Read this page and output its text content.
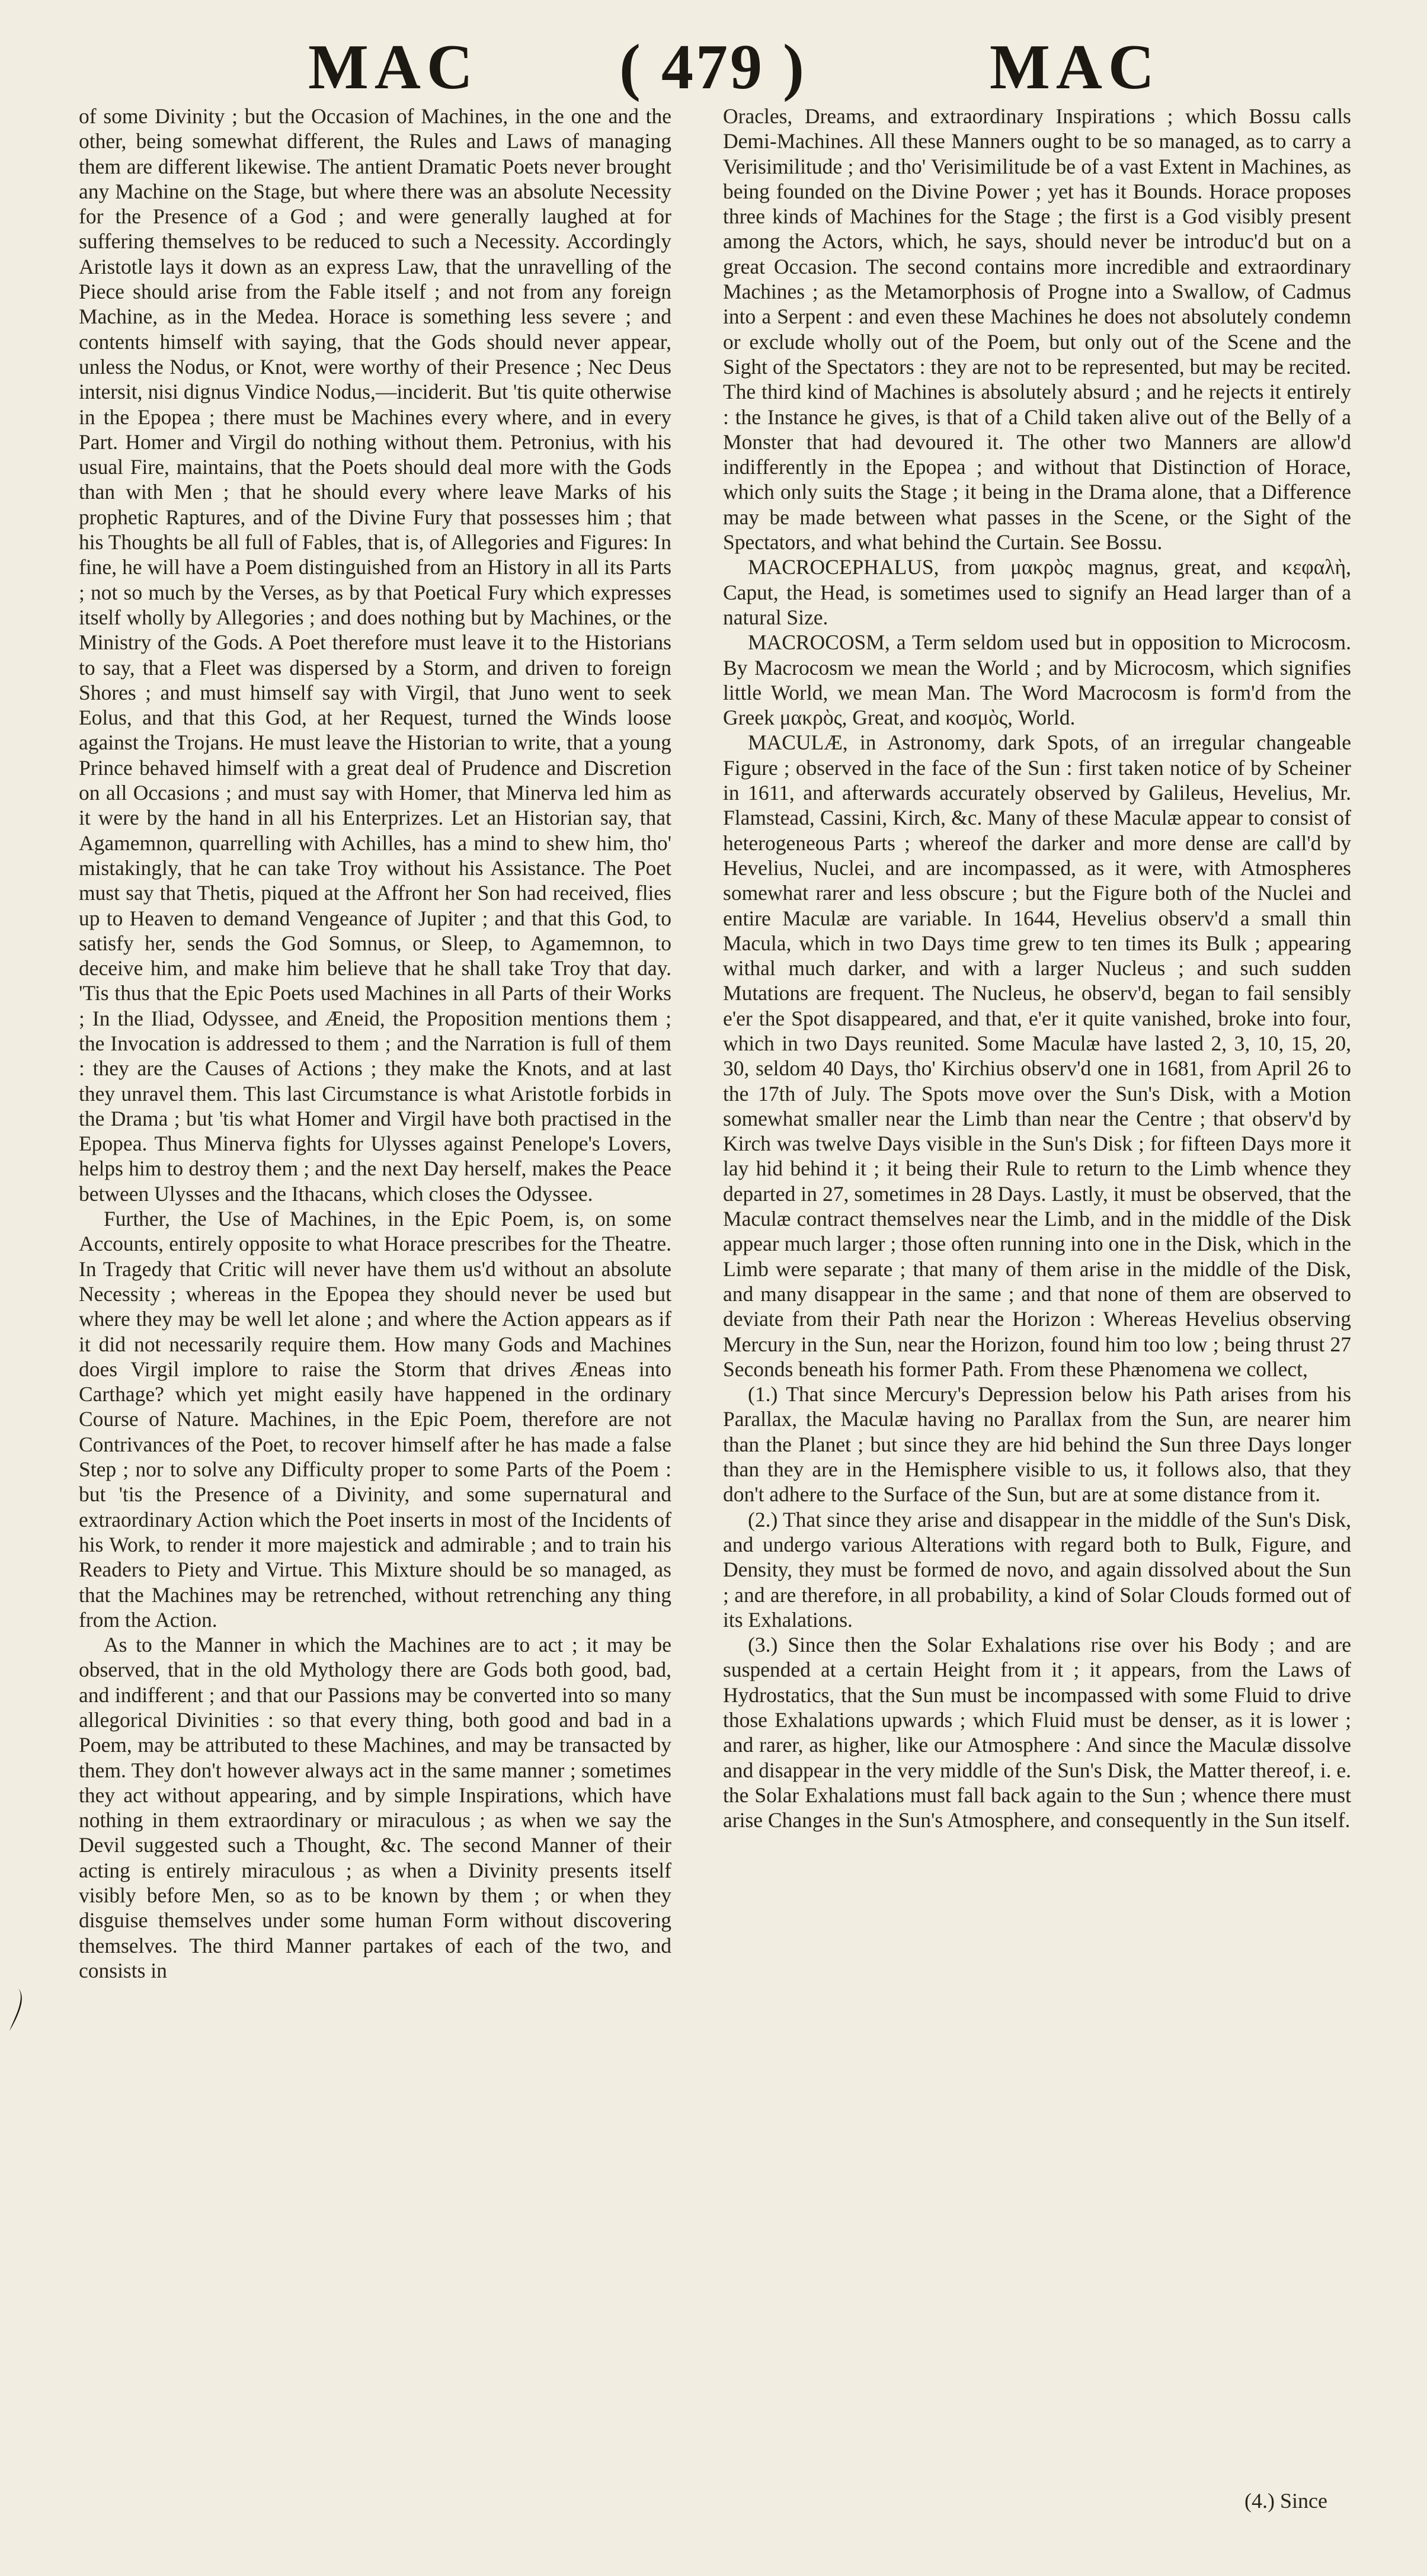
MAC ( 479 )	MAC

of some Divinity ; but the Occasion of Machines, in the one and the other, being somewhat different, the Rules and Laws of managing them are different likewise. The antient Dramatic Poets never brought any Machine on the Stage, but where there was an absolute Necessity for the Presence of a God ; and were generally laughed at for suffering themselves to be reduced to such a Necessity. Accordingly Aristotle lays it down as an express Law, that the unravelling of the Piece should arise from the Fable itself ; and not from any foreign Machine, as in the Medea. Horace is something less severe ; and contents himself with saying, that the Gods should never appear, unless the Nodus, or Knot, were worthy of their Presence ; Nec Deus intersit, nisi dignus Vindice Nodus,—inciderit. But 'tis quite otherwise in the Epopea ; there must be Machines every where, and in every Part. Homer and Virgil do nothing without them. Petronius, with his usual Fire, maintains, that the Poets should deal more with the Gods than with Men ; that he should every where leave Marks of his prophetic Raptures, and of the Divine Fury that possesses him ; that his Thoughts be all full of Fables, that is, of Allegories and Figures: In fine, he will have a Poem distinguished from an History in all its Parts ; not so much by the Verses, as by that Poetical Fury which expresses itself wholly by Allegories ; and does nothing but by Machines, or the Ministry of the Gods. A Poet therefore must leave it to the Historians to say, that a Fleet was dispersed by a Storm, and driven to foreign Shores ; and must himself say with Virgil, that Juno went to seek Eolus, and that this God, at her Request, turned the Winds loose against the Trojans. He must leave the Historian to write, that a young Prince behaved himself with a great deal of Prudence and Discretion on all Occasions ; and must say with Homer, that Minerva led him as it were by the hand in all his Enterprizes. Let an Historian say, that Agamemnon, quarrelling with Achilles, has a mind to shew him, tho' mistakingly, that he can take Troy without his Assistance. The Poet must say that Thetis, piqued at the Affront her Son had received, flies up to Heaven to demand Vengeance of Jupiter ; and that this God, to satisfy her, sends the God Somnus, or Sleep, to Agamemnon, to deceive him, and make him believe that he shall take Troy that day. 'Tis thus that the Epic Poets used Machines in all Parts of their Works ; In the Iliad, Odyssee, and Æneid, the Proposition mentions them ; the Invocation is addressed to them ; and the Narration is full of them : they are the Causes of Actions ; they make the Knots, and at last they unravel them. This last Circumstance is what Aristotle forbids in the Drama ; but 'tis what Homer and Virgil have both practised in the Epopea. Thus Minerva fights for Ulysses against Penelope's Lovers, helps him to destroy them ; and the next Day herself, makes the Peace between Ulysses and the Ithacans, which closes the Odyssee.

Further, the Use of Machines, in the Epic Poem, is, on some Accounts, entirely opposite to what Horace prescribes for the Theatre. In Tragedy that Critic will never have them us'd without an absolute Necessity ; whereas in the Epopea they should never be used but where they may be well let alone ; and where the Action appears as if it did not necessarily require them. How many Gods and Machines does Virgil implore to raise the Storm that drives Æneas into Carthage? which yet might easily have happened in the ordinary Course of Nature. Machines, in the Epic Poem, therefore are not Contrivances of the Poet, to recover himself after he has made a false Step ; nor to solve any Difficulty proper to some Parts of the Poem : but 'tis the Presence of a Divinity, and some supernatural and extraordinary Action which the Poet inserts in most of the Incidents of his Work, to render it more majestick and admirable ; and to train his Readers to Piety and Virtue. This Mixture should be so managed, as that the Machines may be retrenched, without retrenching any thing from the Action.

As to the Manner in which the Machines are to act ; it may be observed, that in the old Mythology there are Gods both good, bad, and indifferent ; and that our Passions may be converted into so many allegorical Divinities : so that every thing, both good and bad in a Poem, may be attributed to these Machines, and may be transacted by them. They don't however always act in the same manner ; sometimes they act without appearing, and by simple Inspirations, which have nothing in them extraordinary or miraculous ; as when we say the Devil suggested such a Thought, &c. The second Manner of their acting is entirely miraculous ; as when a Divinity presents itself visibly before Men, so as to be known by them ; or when they disguise themselves under some human Form without discovering themselves. The third Manner partakes of each of the two, and consists in

Oracles, Dreams, and extraordinary Inspirations ; which Bossu calls Demi-Machines. All these Manners ought to be so managed, as to carry a Verisimilitude ; and tho' Verisimilitude be of a vast Extent in Machines, as being founded on the Divine Power ; yet has it Bounds. Horace proposes three kinds of Machines for the Stage ; the first is a God visibly present among the Actors, which, he says, should never be introduc'd but on a great Occasion. The second contains more incredible and extraordinary Machines ; as the Metamorphosis of Progne into a Swallow, of Cadmus into a Serpent : and even these Machines he does not absolutely condemn or exclude wholly out of the Poem, but only out of the Scene and the Sight of the Spectators : they are not to be represented, but may be recited. The third kind of Machines is absolutely absurd ; and he rejects it entirely : the Instance he gives, is that of a Child taken alive out of the Belly of a Monster that had devoured it. The other two Manners are allow'd indifferently in the Epopea ; and without that Distinction of Horace, which only suits the Stage ; it being in the Drama alone, that a Difference may be made between what passes in the Scene, or the Sight of the Spectators, and what behind the Curtain. See Bossu.

MACROCEPHALUS, from μακρὸς magnus, great, and κεφαλὴ, Caput, the Head, is sometimes used to signify an Head larger than of a natural Size.

MACROCOSM, a Term seldom used but in opposition to Microcosm. By Macrocosm we mean the World ; and by Microcosm, which signifies little World, we mean Man. The Word Macrocosm is form'd from the Greek μακρὸς, Great, and κοσμὸς, World.

MACULÆ, in Astronomy, dark Spots, of an irregular changeable Figure ; observed in the face of the Sun : first taken notice of by Scheiner in 1611, and afterwards accurately observed by Galileus, Hevelius, Mr. Flamstead, Cassini, Kirch, &c. Many of these Maculæ appear to consist of heterogeneous Parts ; whereof the darker and more dense are call'd by Hevelius, Nuclei, and are incompassed, as it were, with Atmospheres somewhat rarer and less obscure ; but the Figure both of the Nuclei and entire Maculæ are variable. In 1644, Hevelius observ'd a small thin Macula, which in two Days time grew to ten times its Bulk ; appearing withal much darker, and with a larger Nucleus ; and such sudden Mutations are frequent. The Nucleus, he observ'd, began to fail sensibly e'er the Spot disappeared, and that, e'er it quite vanished, broke into four, which in two Days reunited. Some Maculæ have lasted 2, 3, 10, 15, 20, 30, seldom 40 Days, tho' Kirchius observ'd one in 1681, from April 26 to the 17th of July. The Spots move over the Sun's Disk, with a Motion somewhat smaller near the Limb than near the Centre ; that observ'd by Kirch was twelve Days visible in the Sun's Disk ; for fifteen Days more it lay hid behind it ; it being their Rule to return to the Limb whence they departed in 27, sometimes in 28 Days. Lastly, it must be observed, that the Maculæ contract themselves near the Limb, and in the middle of the Disk appear much larger ; those often running into one in the Disk, which in the Limb were separate ; that many of them arise in the middle of the Disk, and many disappear in the same ; and that none of them are observed to deviate from their Path near the Horizon : Whereas Hevelius observing Mercury in the Sun, near the Horizon, found him too low ; being thrust 27 Seconds beneath his former Path. From these Phænomena we collect,

(1.) That since Mercury's Depression below his Path arises from his Parallax, the Maculæ having no Parallax from the Sun, are nearer him than the Planet ; but since they are hid behind the Sun three Days longer than they are in the Hemisphere visible to us, it follows also, that they don't adhere to the Surface of the Sun, but are at some distance from it.

(2.) That since they arise and disappear in the middle of the Sun's Disk, and undergo various Alterations with regard both to Bulk, Figure, and Density, they must be formed de novo, and again dissolved about the Sun ; and are therefore, in all probability, a kind of Solar Clouds formed out of its Exhalations.

(3.) Since then the Solar Exhalations rise over his Body ; and are suspended at a certain Height from it ; it appears, from the Laws of Hydrostatics, that the Sun must be incompassed with some Fluid to drive those Exhalations upwards ; which Fluid must be denser, as it is lower ; and rarer, as higher, like our Atmosphere : And since the Maculæ dissolve and disappear in the very middle of the Sun's Disk, the Matter thereof, i. e. the Solar Exhalations must fall back again to the Sun ; whence there must arise Changes in the Sun's Atmosphere, and consequently in the Sun itself.

(4.) Since
